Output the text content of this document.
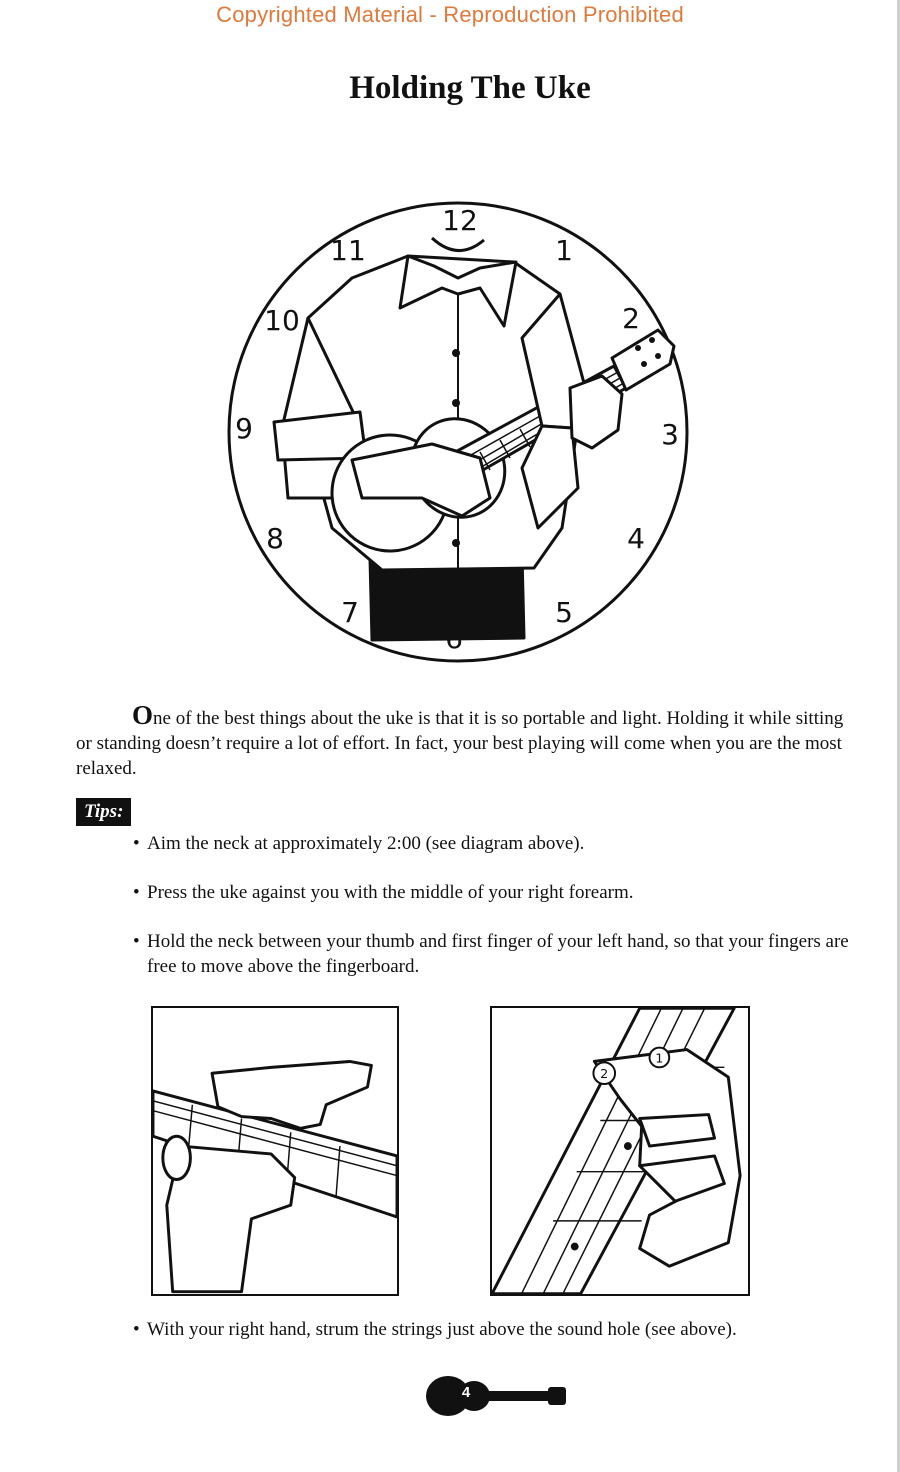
Copyrighted Material - Reproduction Prohibited
Holding The Uke
12
1
2
3
4
5
7
8
9
10
11

One of the best things about the uke is that it is so portable and light. Holding it while sitting or standing doesn’t require a lot of effort. In fact, your best playing will come when you are the most relaxed.

Tips:

• Aim the neck at approximately 2:00 (see diagram above).

• Press the uke against you with the middle of your right forearm.

• Hold the neck between your thumb and first finger of your left hand, so that your fingers are free to move above the fingerboard.

1
2

• With your right hand, strum the strings just above the sound hole (see above).

4
